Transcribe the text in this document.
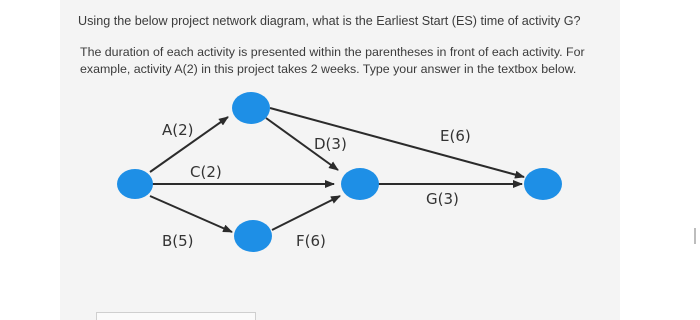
Using the below project network diagram, what is the Earliest Start (ES) time of activity G?
The duration of each activity is presented within the parentheses in front of each activity. For
example, activity A(2) in this project takes 2 weeks. Type your answer in the textbox below.
A(2)
C(2)
B(5)
D(3)	E(6)
F(6)
G(3)
